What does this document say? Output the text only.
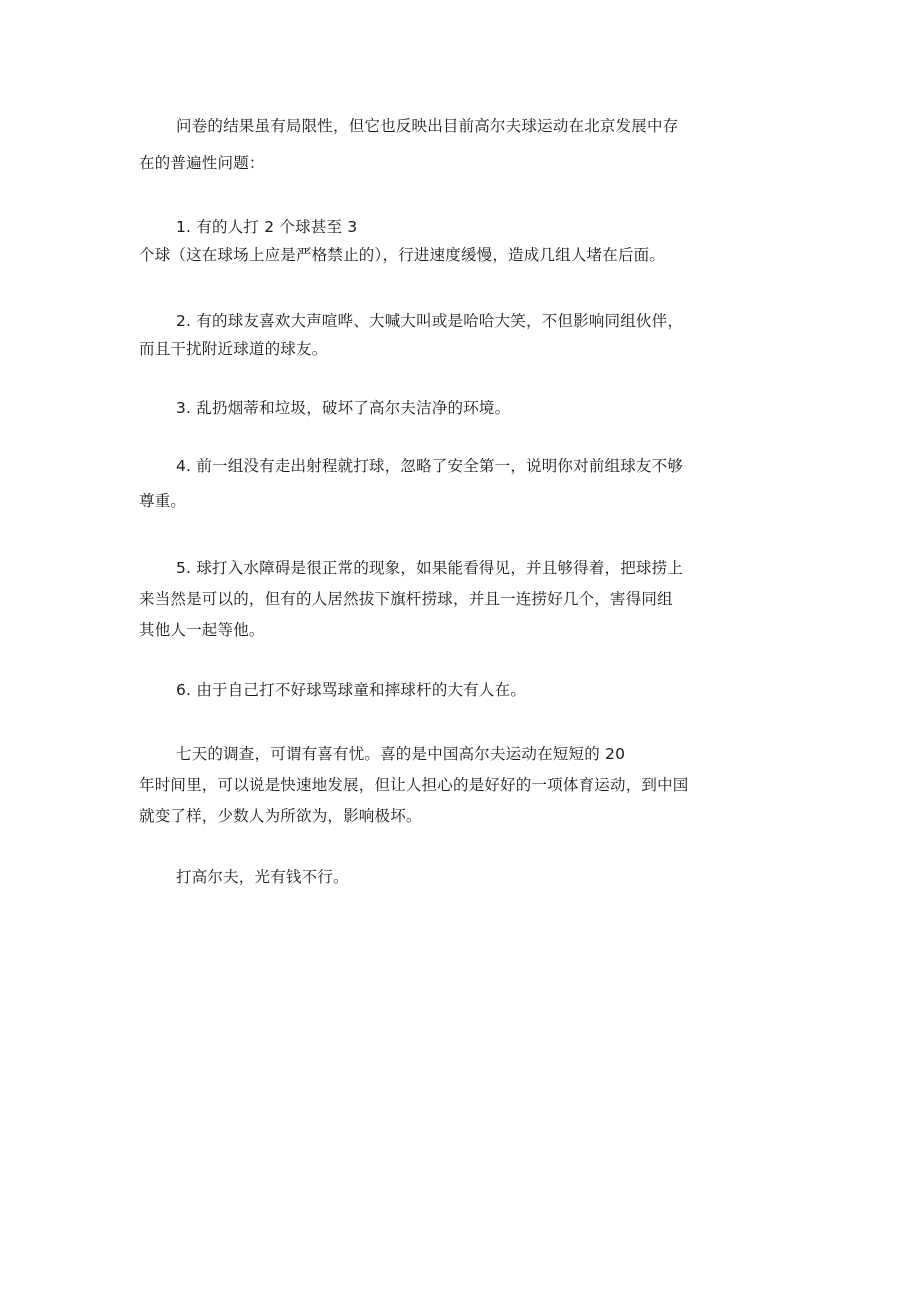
问卷的结果虽有局限性，但它也反映出目前高尔夫球运动在北京发展中存
在的普遍性问题：
1. 有的人打 2 个球甚至 3
个球（这在球场上应是严格禁止的），行进速度缓慢，造成几组人堵在后面。
2. 有的球友喜欢大声喧哗、大喊大叫或是哈哈大笑，不但影响同组伙伴，
而且干扰附近球道的球友。
3. 乱扔烟蒂和垃圾，破坏了高尔夫洁净的环境。
4. 前一组没有走出射程就打球，忽略了安全第一，说明你对前组球友不够
尊重。
5. 球打入水障碍是很正常的现象，如果能看得见，并且够得着，把球捞上
来当然是可以的，但有的人居然拔下旗杆捞球，并且一连捞好几个，害得同组
其他人一起等他。
6. 由于自己打不好球骂球童和摔球杆的大有人在。
七天的调查，可谓有喜有忧。喜的是中国高尔夫运动在短短的 20
年时间里，可以说是快速地发展，但让人担心的是好好的一项体育运动，到中国
就变了样，少数人为所欲为，影响极坏。
打高尔夫，光有钱不行。
